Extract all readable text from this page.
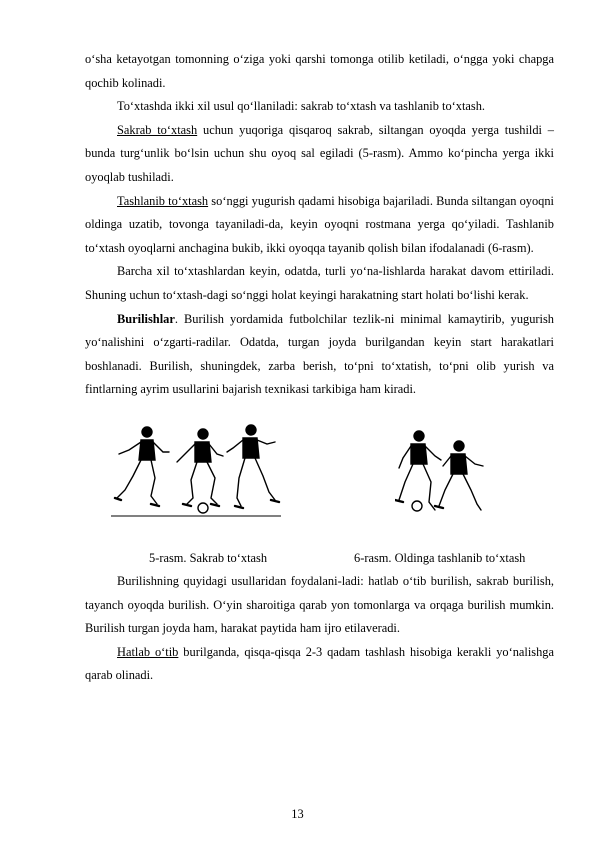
o‘sha ketayotgan tomonning o‘ziga yoki qarshi tomonga otilib ketiladi, o‘ngga yoki chapga qochib kolinadi.

To‘xtashda ikki xil usul qo‘llaniladi: sakrab to‘xtash va tashlanib to‘xtash.

Sakrab to‘xtash uchun yuqoriga qisqaroq sakrab, siltangan oyoqda yerga tushildi – bunda turg‘unlik bo‘lsin uchun shu oyoq sal egiladi (5-rasm). Ammo ko‘pincha yerga ikki oyoqlab tushiladi.

Tashlanib to‘xtash so‘nggi yugurish qadami hisobiga bajariladi. Bunda siltangan oyoqni oldinga uzatib, tovonga tayaniladi-da, keyin oyoqni rostmana yerga qo‘yiladi. Tashlanib to‘xtash oyoqlarni anchagina bukib, ikki oyoqqa tayanib qolish bilan ifodalanadi (6-rasm).

Barcha xil to‘xtashlardan keyin, odatda, turli yo‘na-lishlarda harakat davom ettiriladi. Shuning uchun to‘xtash-dagi so‘nggi holat keyingi harakatning start holati bo‘lishi kerak.

Burilishlar. Burilish yordamida futbolchilar tezlik-ni minimal kamaytirib, yugurish yo‘nalishini o‘zgarti-radilar. Odatda, turgan joyda burilgandan keyin start harakatlari boshlanadi. Burilish, shuningdek, zarba berish, to‘pni to‘xtatish, to‘pni olib yurish va fintlarning ayrim usullarini bajarish texnikasi tarkibiga ham kiradi.

5-rasm. Sakrab to‘xtash	6-rasm. Oldinga tashlanib to‘xtash

Burilishning quyidagi usullaridan foydalani-ladi: hatlab o‘tib burilish, sakrab burilish, tayanch oyoqda burilish. O‘yin sharoitiga qarab yon tomonlarga va orqaga burilish mumkin. Burilish turgan joyda ham, harakat paytida ham ijro etilaveradi.

Hatlab o‘tib burilganda, qisqa-qisqa 2-3 qadam tashlash hisobiga kerakli yo‘nalishga qarab olinadi.

13
